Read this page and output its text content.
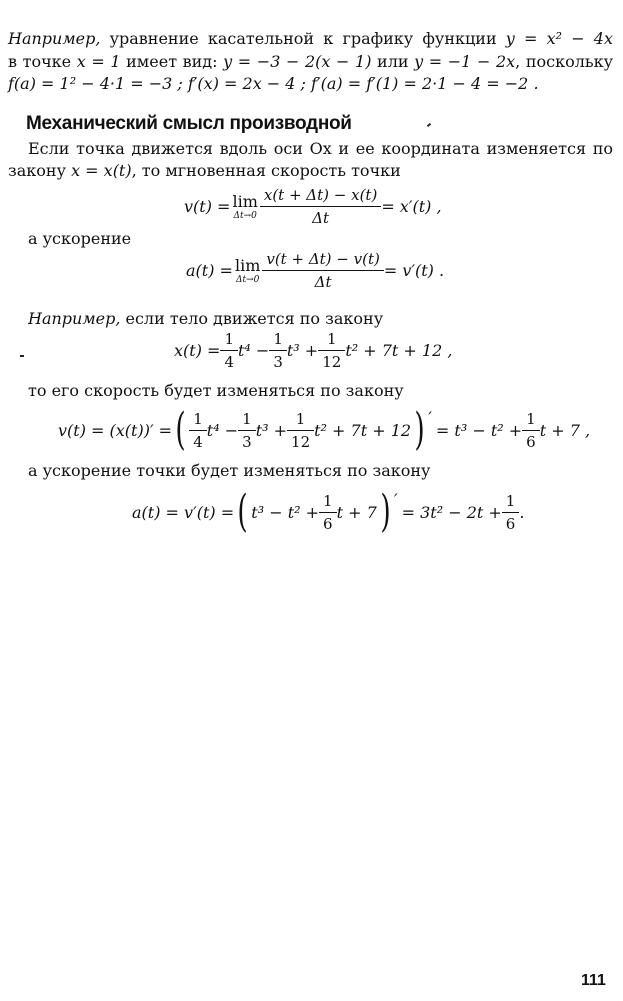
Например, уравнение касательной к графику функции y = x² − 4x
в точке x = 1 имеет вид: y = −3 − 2(x − 1) или y = −1 − 2x, поскольку
f(a) = 1² − 4·1 = −3 ; f′(x) = 2x − 4 ; f′(a) = f′(1) = 2·1 − 4 = −2 .
Механический смысл производной
Если точка движется вдоль оси Ox и ее координата изменяется по
закону x = x(t), то мгновенная скорость точки
v(t) = lim
$\Delta t\to 0 \frac{x(t + \Delta t) - x(t)}{\Delta t} = x'(t)$ ,
а ускорение
a(t) = lim
$\Delta t\to 0 \frac{v(t + \Delta t) - v(t)}{\Delta t} = v'(t)$ .
Например, если тело движется по закону
$x(t) = \frac{1}{4} t^4 - \frac{1}{3} t^3 + \frac{1}{12} t^2 + 7t + 12$ ,
то его скорость будет изменяться по закону
v(t) = (x(t))′ = ( $\frac{1}{4} t^4 - \frac{1}{3} t^3 + \frac{1}{12} t^2 + 7t + 12$ ) ′
= $t^3 - t^2 + \frac{1}{6}$ t + 7 ,
а ускорение точки будет изменяться по закону
a(t) = v′(t) = ( $t^3 - t^2 + \frac{1}{6}$ t + 7 ) ′
= $3t^2 - 2t + \frac{1}{6}$ .
111
